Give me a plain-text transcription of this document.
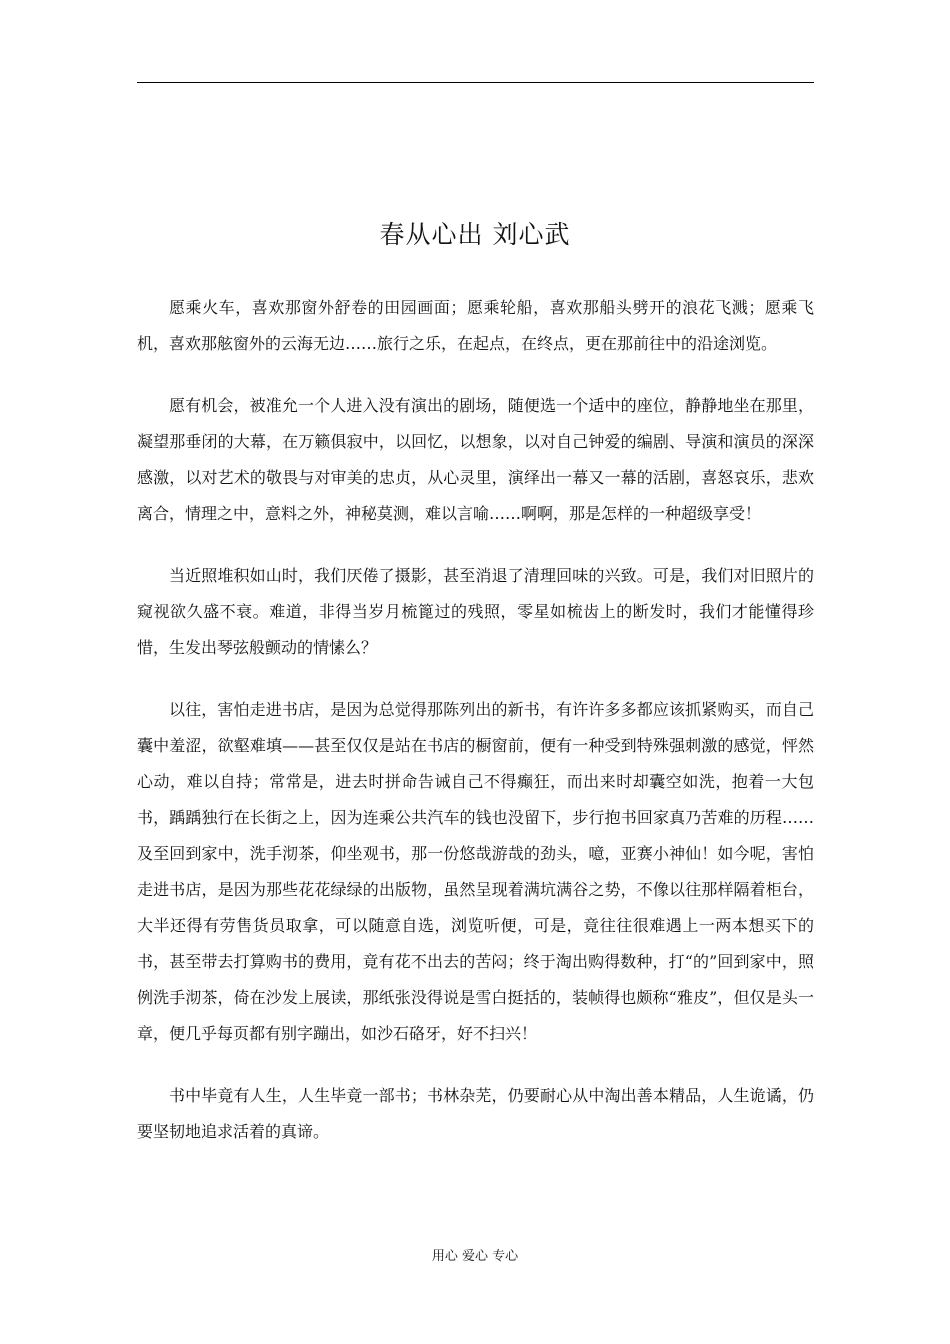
春从心出 刘心武

愿乘火车，喜欢那窗外舒卷的田园画面；愿乘轮船，喜欢那船头劈开的浪花飞溅；愿乘飞机，喜欢那舷窗外的云海无边……旅行之乐，在起点，在终点，更在那前往中的沿途浏览。

愿有机会，被准允一个人进入没有演出的剧场，随便选一个适中的座位，静静地坐在那里，凝望那垂闭的大幕，在万籁俱寂中，以回忆，以想象，以对自己钟爱的编剧、导演和演员的深深感激，以对艺术的敬畏与对审美的忠贞，从心灵里，演绎出一幕又一幕的活剧，喜怒哀乐，悲欢离合，情理之中，意料之外，神秘莫测，难以言喻……啊啊，那是怎样的一种超级享受！

当近照堆积如山时，我们厌倦了摄影，甚至消退了清理回味的兴致。可是，我们对旧照片的窥视欲久盛不衰。难道，非得当岁月梳篦过的残照，零星如梳齿上的断发时，我们才能懂得珍惜，生发出琴弦般颤动的情愫么？

以往，害怕走进书店，是因为总觉得那陈列出的新书，有许许多多都应该抓紧购买，而自己囊中羞涩，欲壑难填——甚至仅仅是站在书店的橱窗前，便有一种受到特殊强刺激的感觉，怦然心动，难以自持；常常是，进去时拼命告诫自己不得癫狂，而出来时却囊空如洗，抱着一大包书，踽踽独行在长街之上，因为连乘公共汽车的钱也没留下，步行抱书回家真乃苦难的历程……及至回到家中，洗手沏茶，仰坐观书，那一份悠哉游哉的劲头，噫，亚赛小神仙！如今呢，害怕走进书店，是因为那些花花绿绿的出版物，虽然呈现着满坑满谷之势，不像以往那样隔着柜台，大半还得有劳售货员取拿，可以随意自选，浏览听便，可是，竟往往很难遇上一两本想买下的书，甚至带去打算购书的费用，竟有花不出去的苦闷；终于淘出购得数种，打“的”回到家中，照例洗手沏茶，倚在沙发上展读，那纸张没得说是雪白挺括的，装帧得也颇称“雅皮”，但仅是头一章，便几乎每页都有别字蹦出，如沙石硌牙，好不扫兴！

书中毕竟有人生，人生毕竟一部书；书林杂芜，仍要耐心从中淘出善本精品，人生诡谲，仍要坚韧地追求活着的真谛。

用心 爱心 专心
